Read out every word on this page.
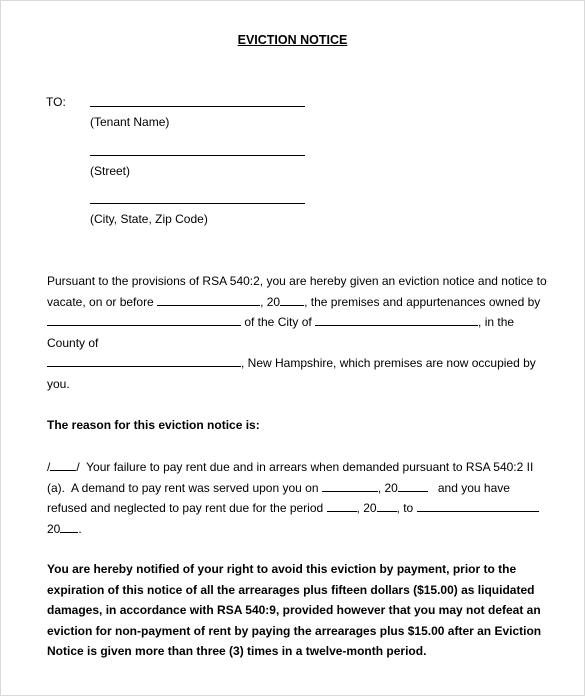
EVICTION NOTICE
TO:
(Tenant Name)
(Street)
(City, State, Zip Code)
Pursuant to the provisions of RSA 540:2, you are hereby given an eviction notice and notice to
vacate, on or before	, 20 , the premises and appurtenances owned by
of the City of	, in the
County of
, New Hampshire, which premises are now occupied by
you.
The reason for this eviction notice is:
/ /  Your failure to pay rent due and in arrears when demanded pursuant to RSA 540:2 II
(a).  A demand to pay rent was served upon you on	, 20	and you have
refused and neglected to pay rent due for the period	, 20 , to
20 .
You are hereby notified of your right to avoid this eviction by payment, prior to the
expiration of this notice of all the arrearages plus fifteen dollars ($15.00) as liquidated
damages, in accordance with RSA 540:9, provided however that you may not defeat an
eviction for non-payment of rent by paying the arrearages plus $15.00 after an Eviction
Notice is given more than three (3) times in a twelve-month period.
